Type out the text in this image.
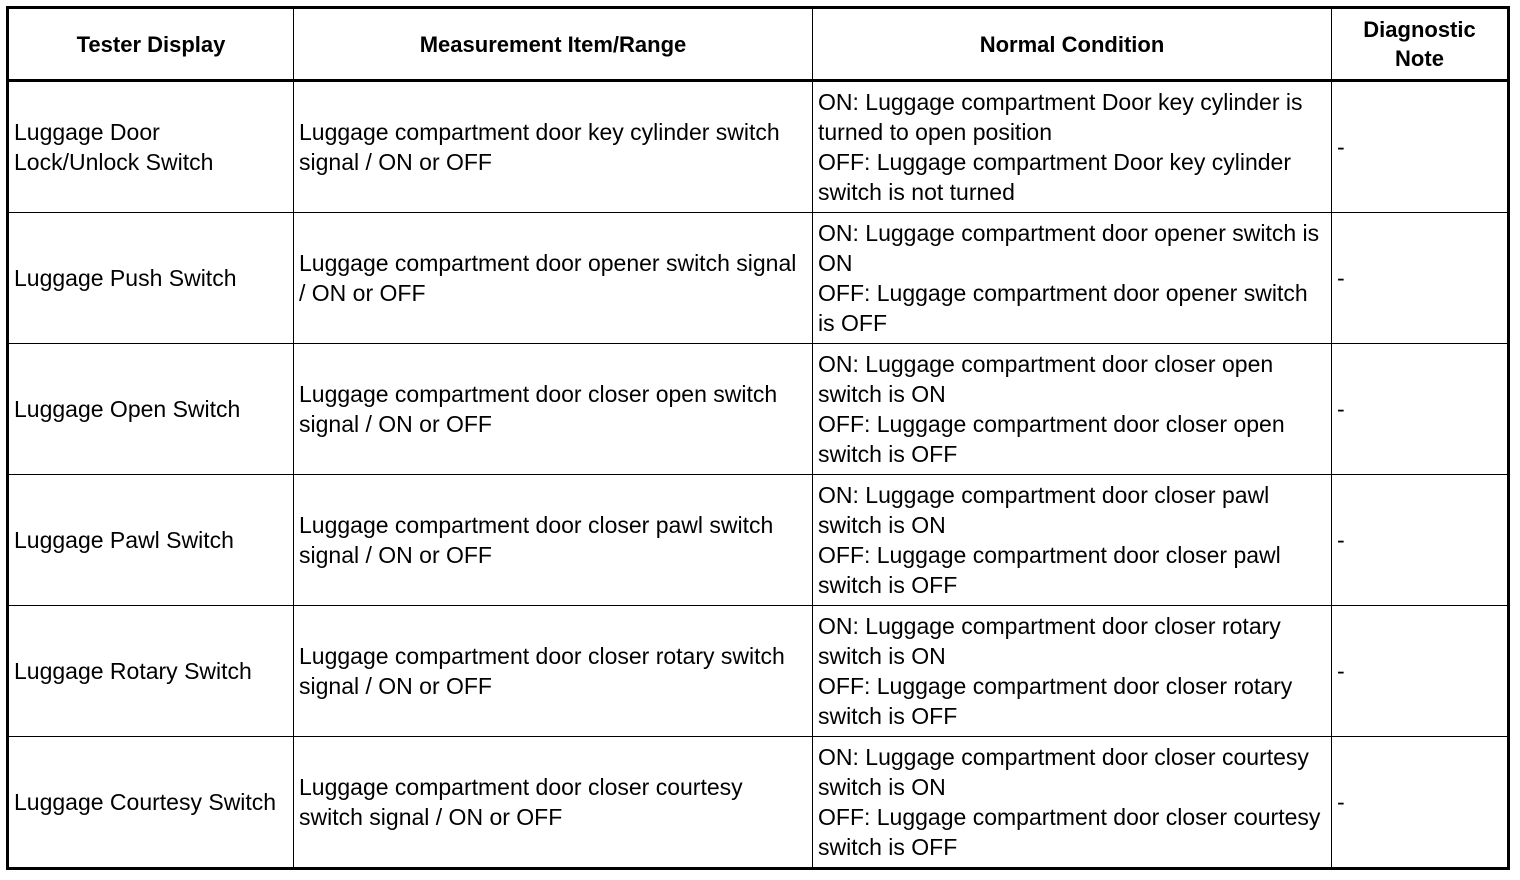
Tester Display	Measurement Item/Range	Normal Condition	Diagnostic Note
Luggage Door Lock/Unlock Switch	Luggage compartment door key cylinder switch signal / ON or OFF	ON: Luggage compartment Door key cylinder is turned to open position
OFF: Luggage compartment Door key cylinder switch is not turned	-
Luggage Push Switch	Luggage compartment door opener switch signal / ON or OFF	ON: Luggage compartment door opener switch is ON
OFF: Luggage compartment door opener switch is OFF	-
Luggage Open Switch	Luggage compartment door closer open switch signal / ON or OFF	ON: Luggage compartment door closer open switch is ON
OFF: Luggage compartment door closer open switch is OFF	-
Luggage Pawl Switch	Luggage compartment door closer pawl switch signal / ON or OFF	ON: Luggage compartment door closer pawl switch is ON
OFF: Luggage compartment door closer pawl switch is OFF	-
Luggage Rotary Switch	Luggage compartment door closer rotary switch signal / ON or OFF	ON: Luggage compartment door closer rotary switch is ON
OFF: Luggage compartment door closer rotary switch is OFF	-
Luggage Courtesy Switch	Luggage compartment door closer courtesy switch signal / ON or OFF	ON: Luggage compartment door closer courtesy switch is ON
OFF: Luggage compartment door closer courtesy switch is OFF	-
